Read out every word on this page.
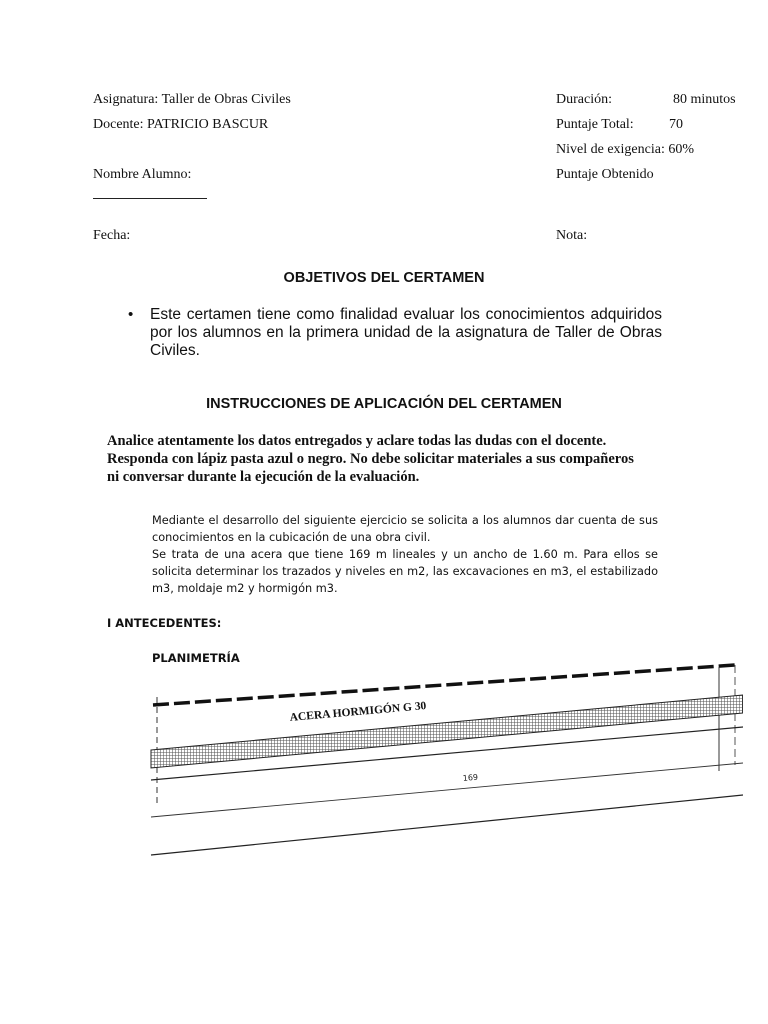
Asignatura: Taller de Obras Civiles
Docente: PATRICIO BASCUR
Nombre Alumno:
Fecha:
Duración:	80 minutos
Puntaje Total:	70
Nivel de exigencia: 60%
Puntaje Obtenido
Nota:
OBJETIVOS DEL CERTAMEN
• Este certamen tiene como finalidad evaluar los conocimientos adquiridos por los alumnos en la primera unidad de la asignatura de Taller de Obras Civiles.
INSTRUCCIONES DE APLICACIÓN DEL CERTAMEN
Analice atentamente los datos entregados y aclare todas las dudas con el docente.
Responda con lápiz pasta azul o negro. No debe solicitar materiales a sus compañeros
ni conversar durante la ejecución de la evaluación.

Mediante el desarrollo del siguiente ejercicio se solicita a los alumnos dar cuenta de sus conocimientos en la cubicación de una obra civil.

Se trata de una acera que tiene 169 m lineales y un ancho de 1.60 m. Para ellos se solicita determinar los trazados y niveles en m2, las excavaciones en m3, el estabilizado m3, moldaje m2 y hormigón m3.

I ANTECEDENTES:
PLANIMETRÍA
ACERA HORMIGÓN G 30
169
